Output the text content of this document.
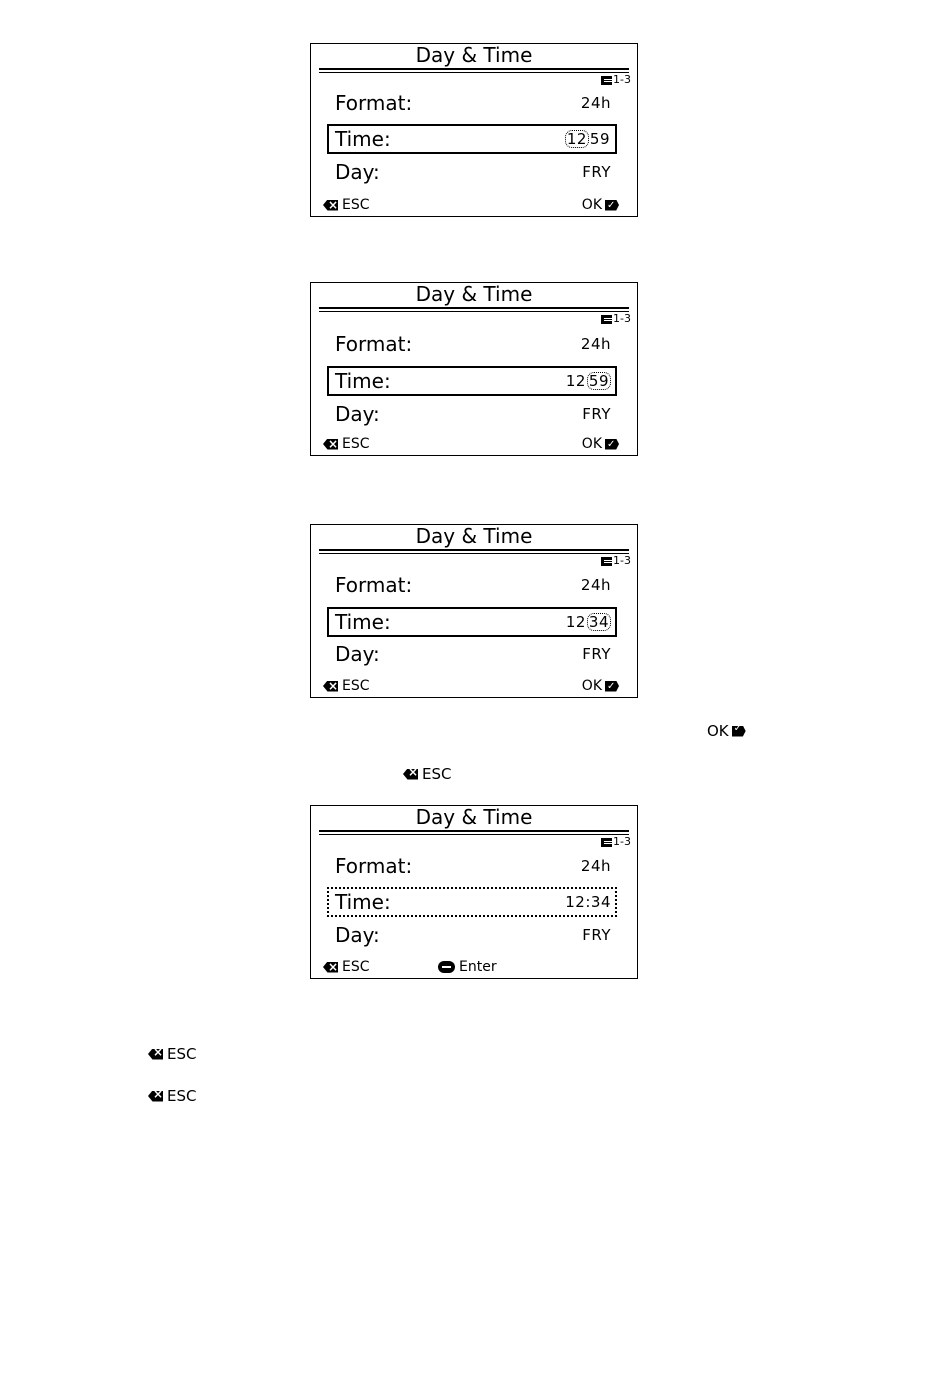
Day & Time
1-3
Format:	24h
Time:	12 59
Day:	FRY
×
ESC	OK
✓
Day & Time
1-3
Format:	24h
Time:	12 59
Day:	FRY
×
ESC	OK
✓
Day & Time
1-3
Format:	24h
Time:	12 34
Day:	FRY
×
ESC	OK
✓
OK
✓
×
ESC
Day & Time
1-3
Format:	24h
Time:	12:34
Day:	FRY
×
ESC	Enter
×
ESC
×
ESC
